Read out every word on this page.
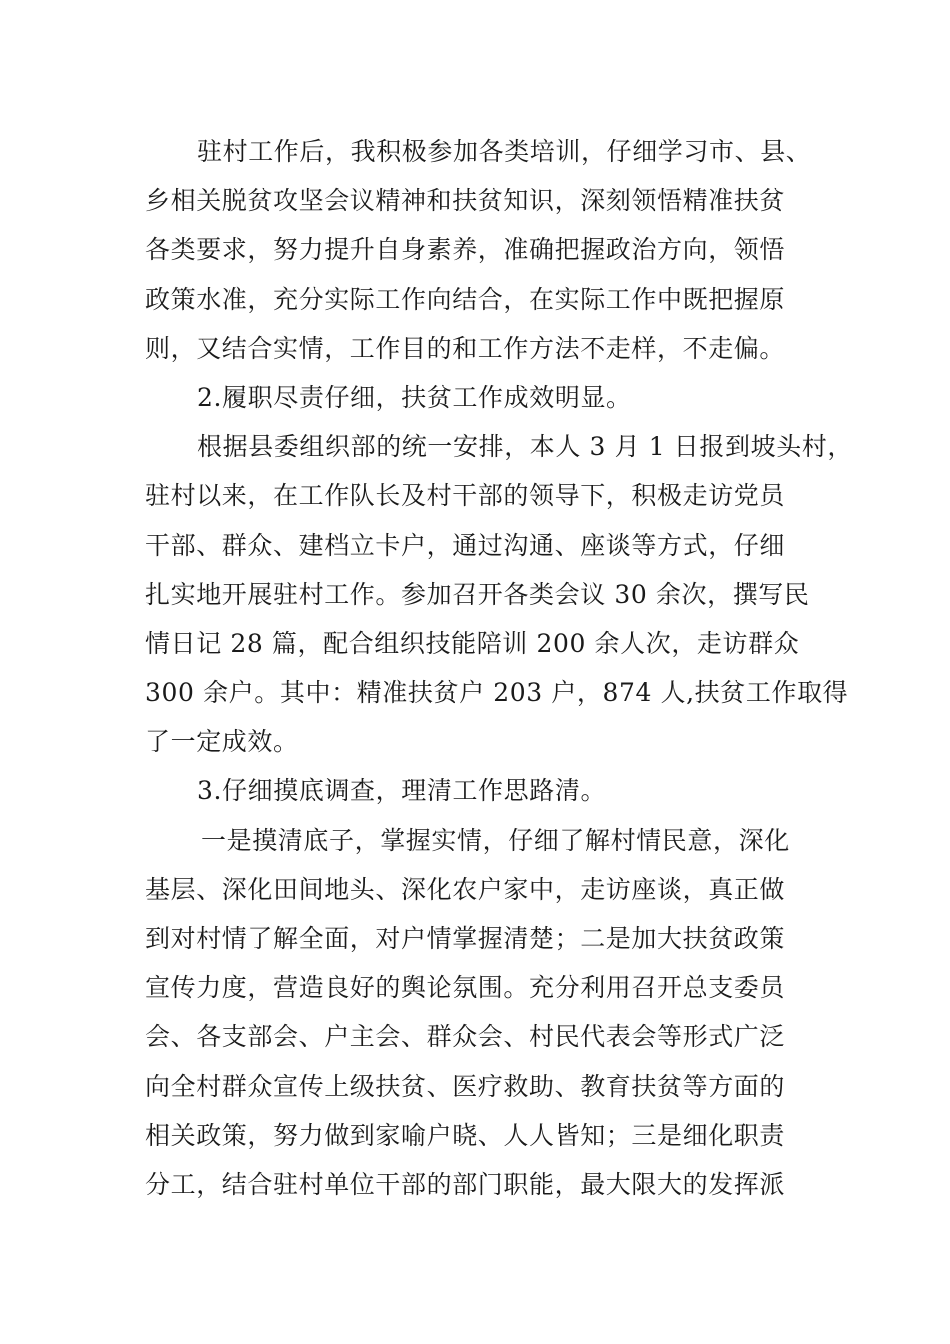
驻村工作后，我积极参加各类培训，仔细学习市、县、
乡相关脱贫攻坚会议精神和扶贫知识，深刻领悟精准扶贫
各类要求，努力提升自身素养，准确把握政治方向，领悟
政策水准，充分实际工作向结合，在实际工作中既把握原
则，又结合实情，工作目的和工作方法不走样，不走偏。
2.履职尽责仔细，扶贫工作成效明显。
根据县委组织部的统一安排，本人 3 月 1 日报到坡头村，
驻村以来，在工作队长及村干部的领导下，积极走访党员
干部、群众、建档立卡户，通过沟通、座谈等方式，仔细
扎实地开展驻村工作。参加召开各类会议 30 余次，撰写民
情日记 28 篇，配合组织技能陪训 200 余人次，走访群众
300 余户。其中：精准扶贫户 203 户，874 人,扶贫工作取得
了一定成效。
3.仔细摸底调查，理清工作思路清。
一是摸清底子，掌握实情，仔细了解村情民意，深化
基层、深化田间地头、深化农户家中，走访座谈，真正做
到对村情了解全面，对户情掌握清楚；二是加大扶贫政策
宣传力度，营造良好的舆论氛围。充分利用召开总支委员
会、各支部会、户主会、群众会、村民代表会等形式广泛
向全村群众宣传上级扶贫、医疗救助、教育扶贫等方面的
相关政策，努力做到家喻户晓、人人皆知；三是细化职责
分工，结合驻村单位干部的部门职能，最大限大的发挥派
